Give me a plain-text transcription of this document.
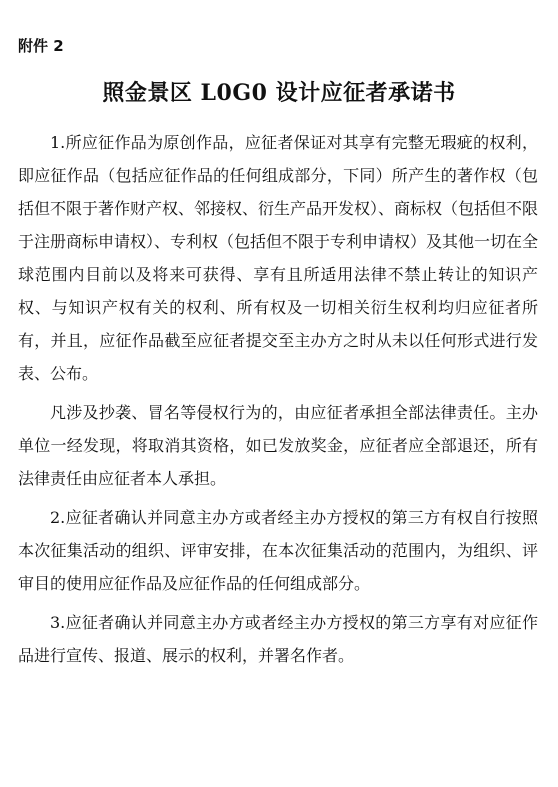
附件 2
照金景区 L0G0 设计应征者承诺书

1.所应征作品为原创作品，应征者保证对其享有完整无瑕疵的权利，即应征作品（包括应征作品的任何组成部分，下同）所产生的著作权（包括但不限于著作财产权、邻接权、衍生产品开发权）、商标权（包括但不限于注册商标申请权）、专利权（包括但不限于专利申请权）及其他一切在全球范围内目前以及将来可获得、享有且所适用法律不禁止转让的知识产权、与知识产权有关的权利、所有权及一切相关衍生权利均归应征者所有，并且，应征作品截至应征者提交至主办方之时从未以任何形式进行发表、公布。

凡涉及抄袭、冒名等侵权行为的，由应征者承担全部法律责任。主办单位一经发现，将取消其资格，如已发放奖金，应征者应全部退还，所有法律责任由应征者本人承担。

2.应征者确认并同意主办方或者经主办方授权的第三方有权自行按照本次征集活动的组织、评审安排，在本次征集活动的范围内，为组织、评审目的使用应征作品及应征作品的任何组成部分。

3.应征者确认并同意主办方或者经主办方授权的第三方享有对应征作品进行宣传、报道、展示的权利，并署名作者。
